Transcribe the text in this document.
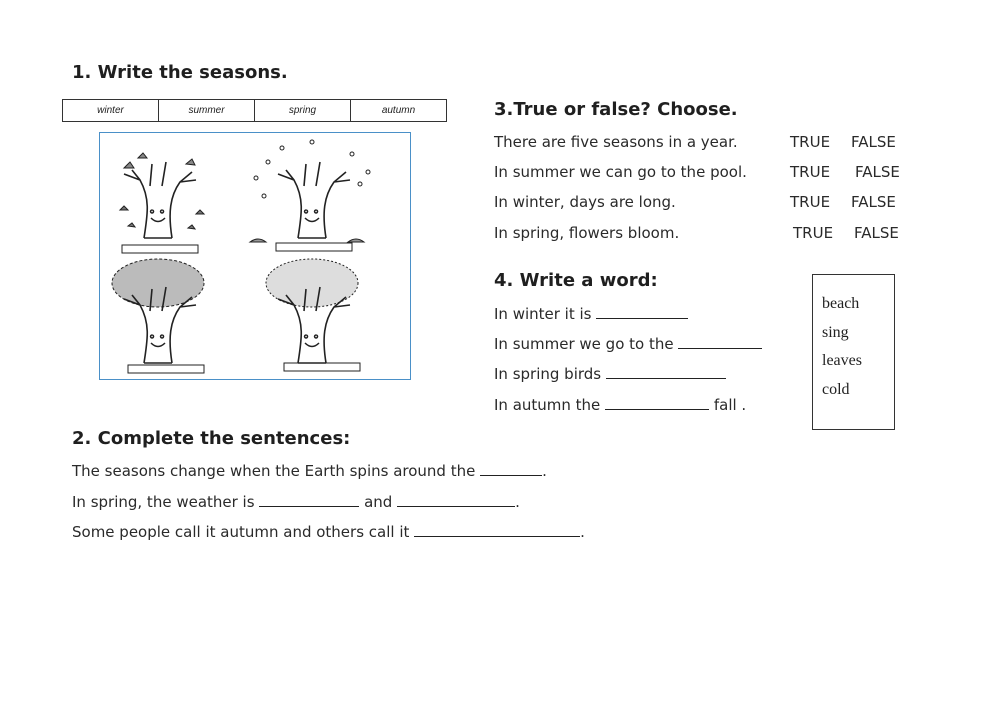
1. Write the seasons.
winter	summer	spring	autumn
2. Complete the sentences:
The seasons change when the Earth spins around the	.
In spring, the weather is	and	.
Some people call it autumn and others call it	.
3.True or false? Choose.
There are five seasons in a year.	TRUE FALSE
In summer we can go to the pool.	TRUE FALSE
In winter, days are long.	TRUE FALSE
In spring, flowers bloom.	TRUE FALSE
4. Write a word:
In winter it is
In summer we go to the
In spring birds
In autumn the	fall .
beach
sing
leaves
cold
